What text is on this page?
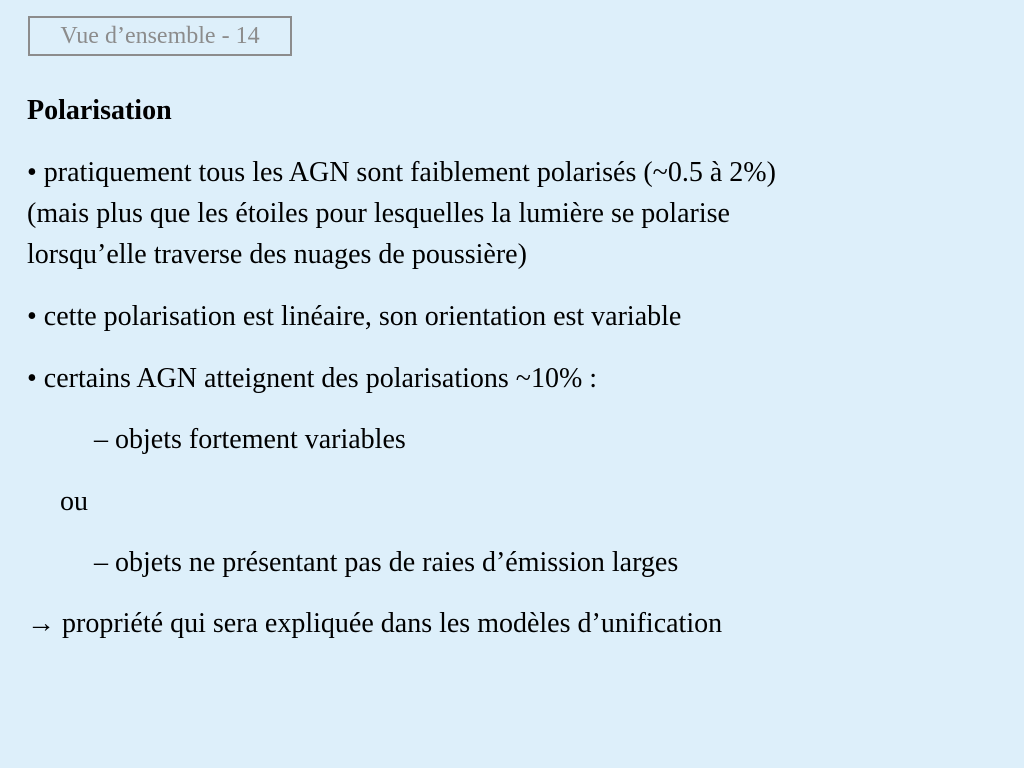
Vue d’ensemble - 14
Polarisation
• pratiquement tous les AGN sont faiblement polarisés (~0.5 à 2%)
(mais plus que les étoiles pour lesquelles la lumière se polarise
lorsqu’elle traverse des nuages de poussière)
• cette polarisation est linéaire, son orientation est variable
• certains AGN atteignent des polarisations ~10% :
– objets fortement variables
ou
– objets ne présentant pas de raies d’émission larges
→ propriété qui sera expliquée dans les modèles d’unification
